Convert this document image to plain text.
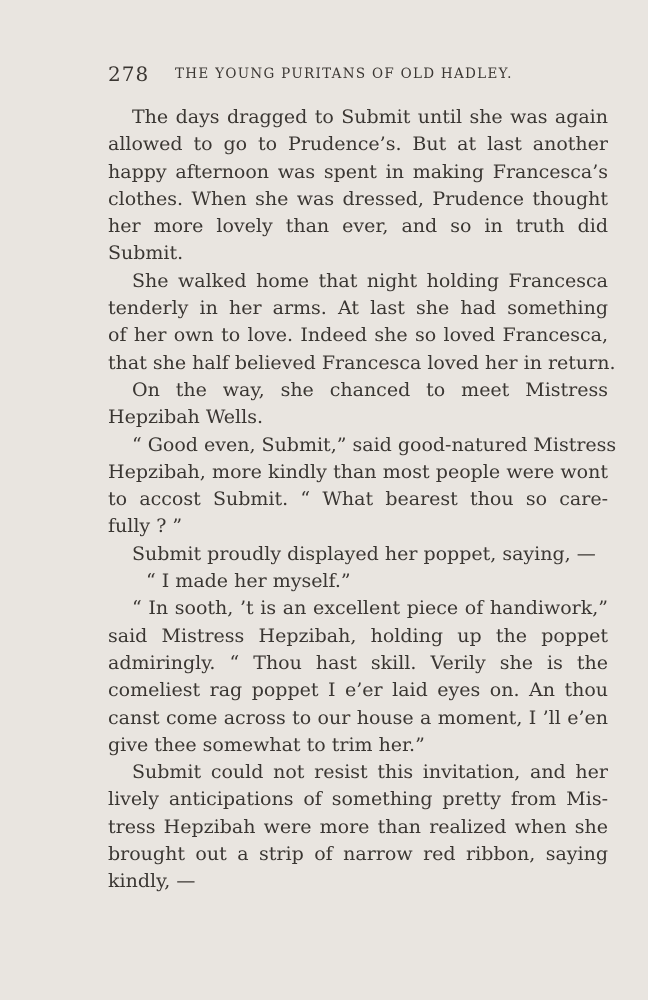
278 THE YOUNG PURITANS OF OLD HADLEY.
The days dragged to Submit until she was again
allowed to go to Prudence’s. But at last another
happy afternoon was spent in making Francesca’s
clothes. When she was dressed, Prudence thought
her more lovely than ever, and so in truth did
Submit.
She walked home that night holding Francesca
tenderly in her arms. At last she had something
of her own to love. Indeed she so loved Francesca,
that she half believed Francesca loved her in return.
On the way, she chanced to meet Mistress
Hepzibah Wells.
“ Good even, Submit,” said good-natured Mistress
Hepzibah, more kindly than most people were wont
to accost Submit. “ What bearest thou so care-
fully ? ”
Submit proudly displayed her poppet, saying, —
“ I made her myself.”
“ In sooth, ’t is an excellent piece of handiwork,”
said Mistress Hepzibah, holding up the poppet
admiringly. “ Thou hast skill. Verily she is the
comeliest rag poppet I e’er laid eyes on. An thou
canst come across to our house a moment, I ’ll e’en
give thee somewhat to trim her.”
Submit could not resist this invitation, and her
lively anticipations of something pretty from Mis-
tress Hepzibah were more than realized when she
brought out a strip of narrow red ribbon, saying
kindly, —
